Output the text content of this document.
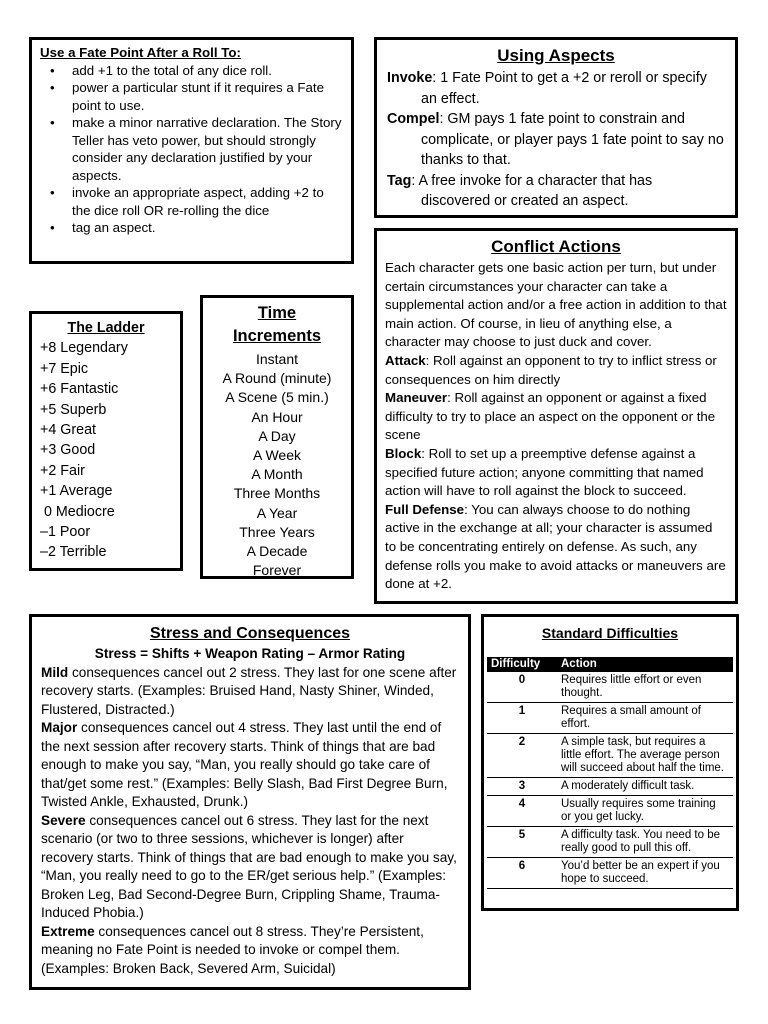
Use a Fate Point After a Roll To:
• add +1 to the total of any dice roll.
• power a particular stunt if it requires a Fate point to use.
• make a minor narrative declaration. The Story Teller has veto power, but should strongly consider any declaration justified by your aspects.
• invoke an appropriate aspect, adding +2 to the dice roll OR re-rolling the dice
• tag an aspect.
Using Aspects
Invoke: 1 Fate Point to get a +2 or reroll or specify an effect.
Compel: GM pays 1 fate point to constrain and complicate, or player pays 1 fate point to say no thanks to that.
Tag: A free invoke for a character that has discovered or created an aspect.
The Ladder
+8 Legendary
+7 Epic
+6 Fantastic
+5 Superb
+4 Great
+3 Good
+2 Fair
+1 Average
0 Mediocre
–1 Poor
–2 Terrible
Time Increments
Instant
A Round (minute)
A Scene (5 min.)
An Hour
A Day
A Week
A Month
Three Months
A Year
Three Years
A Decade
Forever
Conflict Actions

Each character gets one basic action per turn, but under certain circumstances your character can take a supplemental action and/or a free action in addition to that main action. Of course, in lieu of anything else, a character may choose to just duck and cover.

Attack: Roll against an opponent to try to inflict stress or consequences on him directly
Maneuver: Roll against an opponent or against a fixed difficulty to try to place an aspect on the opponent or the scene
Block: Roll to set up a preemptive defense against a specified future action; anyone committing that named action will have to roll against the block to succeed.
Full Defense: You can always choose to do nothing active in the exchange at all; your character is assumed to be concentrating entirely on defense. As such, any defense rolls you make to avoid attacks or maneuvers are done at +2.
Stress and Consequences
Stress = Shifts + Weapon Rating – Armor Rating
Mild consequences cancel out 2 stress. They last for one scene after recovery starts. (Examples: Bruised Hand, Nasty Shiner, Winded, Flustered, Distracted.)
Major consequences cancel out 4 stress. They last until the end of the next session after recovery starts. Think of things that are bad enough to make you say, “Man, you really should go take care of that/get some rest.” (Examples: Belly Slash, Bad First Degree Burn, Twisted Ankle, Exhausted, Drunk.)
Severe consequences cancel out 6 stress. They last for the next scenario (or two to three sessions, whichever is longer) after recovery starts. Think of things that are bad enough to make you say, “Man, you really need to go to the ER/get serious help.” (Examples: Broken Leg, Bad Second-Degree Burn, Crippling Shame, Trauma-Induced Phobia.)
Extreme consequences cancel out 8 stress. They’re Persistent, meaning no Fate Point is needed to invoke or compel them. (Examples: Broken Back, Severed Arm, Suicidal)
Standard Difficulties
Difficulty	Action
0	Requires little effort or even thought.
1	Requires a small amount of effort.
2	A simple task, but requires a little effort. The average person will succeed about half the time.
3	A moderately difficult task.
4	Usually requires some training or you get lucky.
5	A difficulty task. You need to be really good to pull this off.
6	You’d better be an expert if you hope to succeed.
